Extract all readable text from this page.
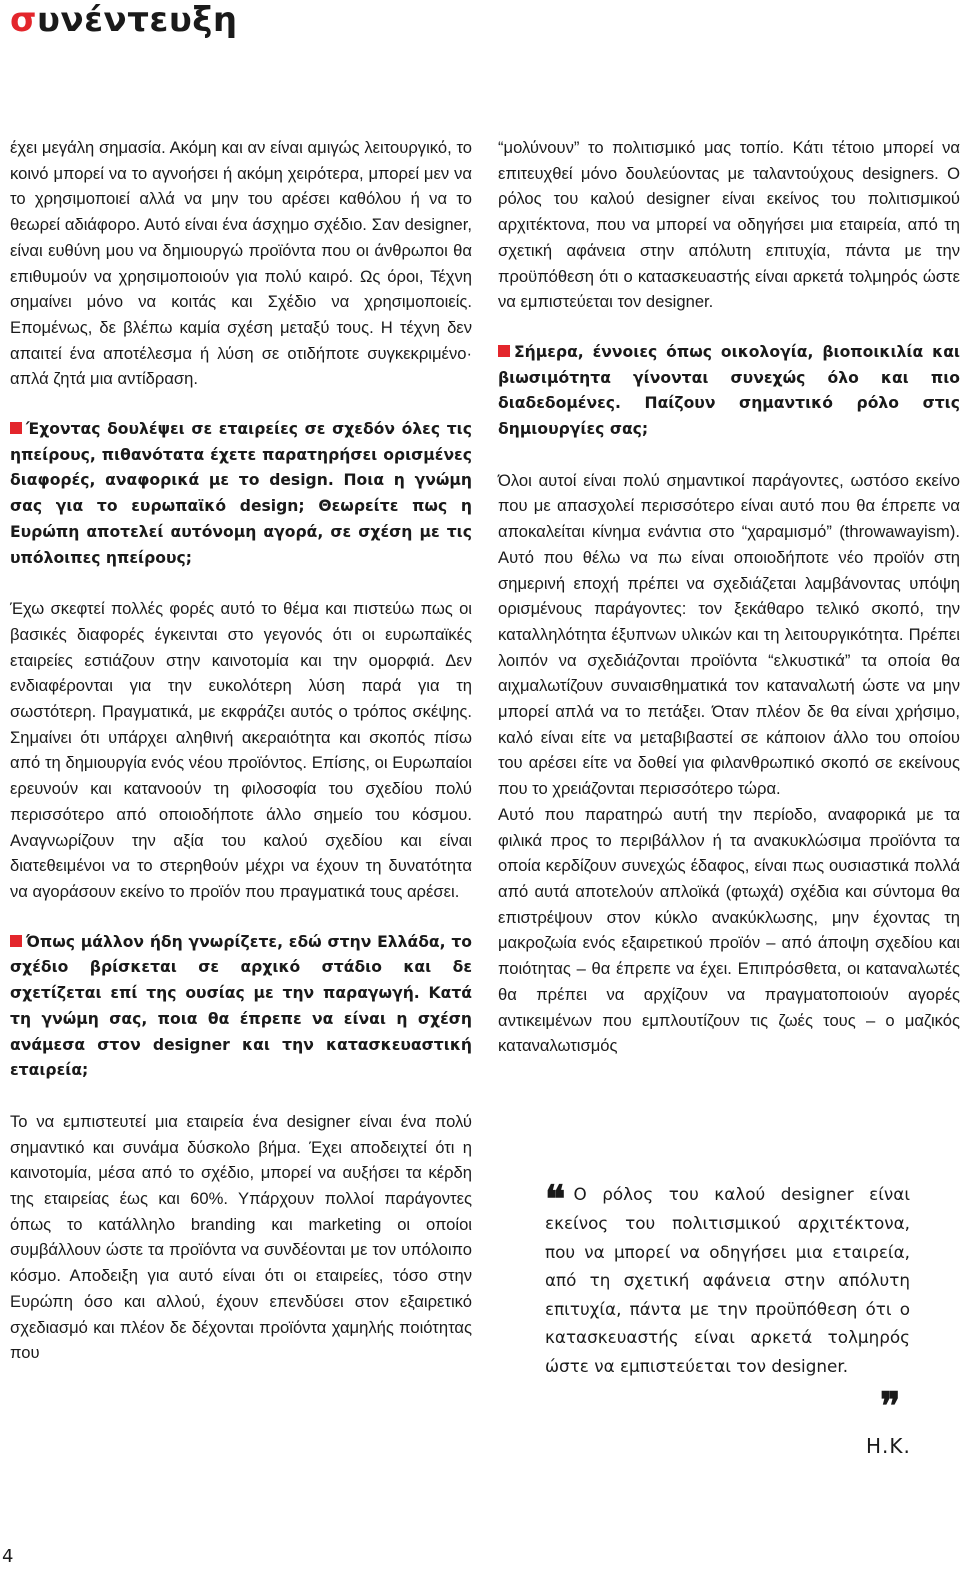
συνέντευξη

έχει μεγάλη σημασία. Ακόμη και αν είναι αμιγώς λειτουργικό, το κοινό μπορεί να το αγνοήσει ή ακόμη χειρότερα, μπορεί μεν να το χρησιμοποιεί αλλά να μην του αρέσει καθόλου ή να το θεωρεί αδιάφορο. Αυτό είναι ένα άσχημο σχέδιο. Σαν designer, είναι ευθύνη μου να δημιουργώ προϊόντα που οι άνθρωποι θα επιθυμούν να χρησιμοποιούν για πολύ καιρό. Ως όροι, Τέχνη σημαίνει μόνο να κοιτάς και Σχέδιο να χρησιμοποιείς. Επομένως, δε βλέπω καμία σχέση μεταξύ τους. Η τέχνη δεν απαιτεί ένα αποτέλεσμα ή λύση σε οτιδήποτε συγκεκριμένο· απλά ζητά μια αντίδραση.

Έχοντας δουλέψει σε εταιρείες σε σχεδόν όλες τις ηπείρους, πιθανότατα έχετε παρατηρήσει ορισμένες διαφορές, αναφορικά με το design. Ποια η γνώμη σας για το ευρωπαϊκό design; Θεωρείτε πως η Ευρώπη αποτελεί αυτόνομη αγορά, σε σχέση με τις υπόλοιπες ηπείρους;

Έχω σκεφτεί πολλές φορές αυτό το θέμα και πιστεύω πως οι βασικές διαφορές έγκεινται στο γεγονός ότι οι ευρωπαϊκές εταιρείες εστιάζουν στην καινοτομία και την ομορφιά. Δεν ενδιαφέρονται για την ευκολότερη λύση παρά για τη σωστότερη. Πραγματικά, με εκφράζει αυτός ο τρόπος σκέψης. Σημαίνει ότι υπάρχει αληθινή ακεραιότητα και σκοπός πίσω από τη δημιουργία ενός νέου προϊόντος. Επίσης, οι Ευρωπαίοι ερευνούν και κατανοούν τη φιλοσοφία του σχεδίου πολύ περισσότερο από οποιοδήποτε άλλο σημείο του κόσμου. Αναγνωρίζουν την αξία του καλού σχεδίου και είναι διατεθειμένοι να το στερηθούν μέχρι να έχουν τη δυνατότητα να αγοράσουν εκείνο το προϊόν που πραγματικά τους αρέσει.

Όπως μάλλον ήδη γνωρίζετε, εδώ στην Ελλάδα, το σχέδιο βρίσκεται σε αρχικό στάδιο και δε σχετίζεται επί της ουσίας με την παραγωγή. Κατά τη γνώμη σας, ποια θα έπρεπε να είναι η σχέση ανάμεσα στον designer και την κατασκευαστική εταιρεία;

Το να εμπιστευτεί μια εταιρεία ένα designer είναι ένα πολύ σημαντικό και συνάμα δύσκολο βήμα. Έχει αποδειχτεί ότι η καινοτομία, μέσα από το σχέδιο, μπορεί να αυξήσει τα κέρδη της εταιρείας έως και 60%. Υπάρχουν πολλοί παράγοντες όπως το κατάλληλο branding και marketing οι οποίοι συμβάλλουν ώστε τα προϊόντα να συνδέονται με τον υπόλοιπο κόσμο. Αποδειξη για αυτό είναι ότι οι εταιρείες, τόσο στην Ευρώπη όσο και αλλού, έχουν επενδύσει στον εξαιρετικό σχεδιασμό και πλέον δε δέχονται προϊόντα χαμηλής ποιότητας που

“μολύνουν” το πολιτισμικό μας τοπίο. Κάτι τέτοιο μπορεί να επιτευχθεί μόνο δουλεύοντας με ταλαντούχους designers. Ο ρόλος του καλού designer είναι εκείνος του πολιτισμικού αρχιτέκτονα, που να μπορεί να οδηγήσει μια εταιρεία, από τη σχετική αφάνεια στην απόλυτη επιτυχία, πάντα με την προϋπόθεση ότι ο κατασκευαστής είναι αρκετά τολμηρός ώστε να εμπιστεύεται τον designer.

Σήμερα, έννοιες όπως οικολογία, βιοποικιλία και βιωσιμότητα γίνονται συνεχώς όλο και πιο διαδεδομένες. Παίζουν σημαντικό ρόλο στις δημιουργίες σας;

Όλοι αυτοί είναι πολύ σημαντικοί παράγοντες, ωστόσο εκείνο που με απασχολεί περισσότερο είναι αυτό που θα έπρεπε να αποκαλείται κίνημα ενάντια στο “χαραμισμό” (throwawayism). Αυτό που θέλω να πω είναι οποιοδήποτε νέο προϊόν στη σημερινή εποχή πρέπει να σχεδιάζεται λαμβάνοντας υπόψη ορισμένους παράγοντες: τον ξεκάθαρο τελικό σκοπό, την καταλληλότητα έξυπνων υλικών και τη λειτουργικότητα. Πρέπει λοιπόν να σχεδιάζονται προϊόντα “ελκυστικά” τα οποία θα αιχμαλωτίζουν συναισθηματικά τον καταναλωτή ώστε να μην μπορεί απλά να το πετάξει. Όταν πλέον δε θα είναι χρήσιμο, καλό είναι είτε να μεταβιβαστεί σε κάποιον άλλο του οποίου του αρέσει είτε να δοθεί για φιλανθρωπικό σκοπό σε εκείνους που το χρειάζονται περισσότερο τώρα.

Αυτό που παρατηρώ αυτή την περίοδο, αναφορικά με τα φιλικά προς το περιβάλλον ή τα ανακυκλώσιμα προϊόντα τα οποία κερδίζουν συνεχώς έδαφος, είναι πως ουσιαστικά πολλά από αυτά αποτελούν απλοϊκά (φτωχά) σχέδια και σύντομα θα επιστρέψουν στον κύκλο ανακύκλωσης, μην έχοντας τη μακροζωία ενός εξαιρετικού προϊόν – από άποψη σχεδίου και ποιότητας – θα έπρεπε να έχει. Επιπρόσθετα, οι καταναλωτές θα πρέπει να αρχίζουν να πραγματοποιούν αγορές αντικειμένων που εμπλουτίζουν τις ζωές τους – ο μαζικός καταναλωτισμός

❝ Ο ρόλος του καλού designer είναι εκείνος του πολιτισμικού αρχιτέκτονα, που να μπορεί να οδηγήσει μια εταιρεία, από τη σχετική αφάνεια στην απόλυτη επιτυχία, πάντα με την προϋπόθεση ότι ο κατασκευαστής είναι αρκετά τολμηρός ώστε να εμπιστεύεται τον designer.
❞
Η.Κ.
4
